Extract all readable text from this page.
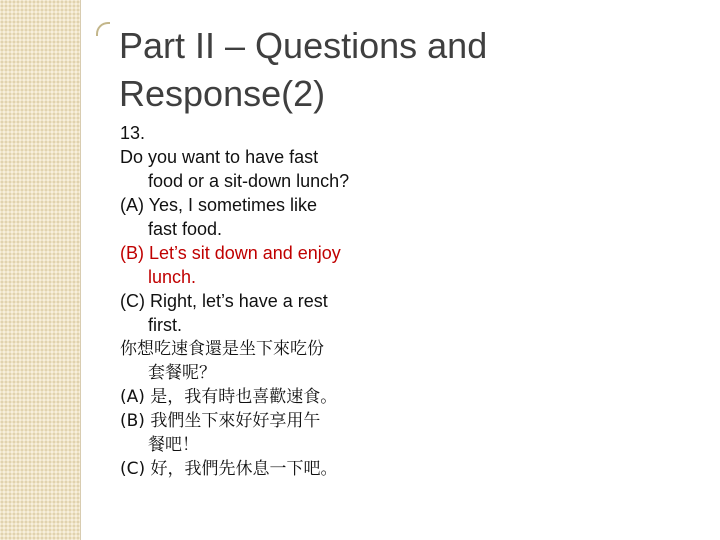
Part II – Questions and
Response(2)

13.

Do you want to have fast
food or a sit-down lunch?

(A) Yes, I sometimes like
fast food.

(B) Let’s sit down and enjoy
lunch.

(C) Right, let’s have a rest
first.

你想吃速食還是坐下來吃份
套餐呢？

(A) 是，我有時也喜歡速食。

(B) 我們坐下來好好享用午
餐吧！

(C) 好，我們先休息一下吧。
